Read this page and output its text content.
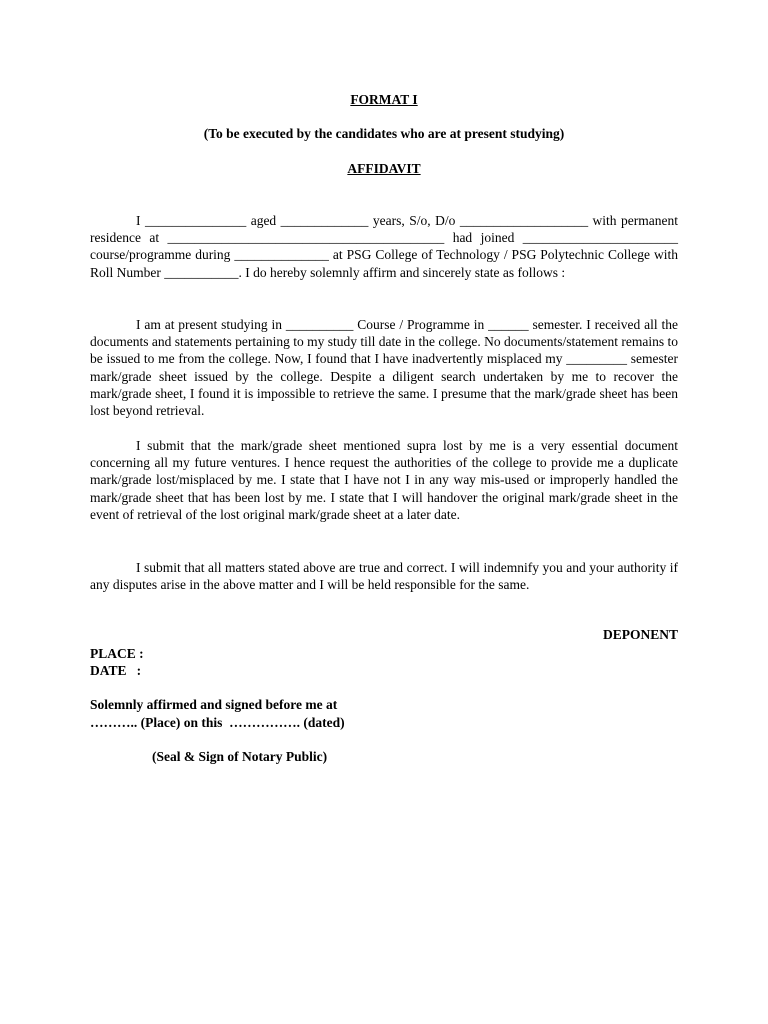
FORMAT I
(To be executed by the candidates who are at present studying)
AFFIDAVIT
I _______________ aged _____________ years, S/o, D/o ___________________ with permanent residence at _________________________________________ had joined _______________________ course/programme during ______________ at PSG College of Technology / PSG Polytechnic College with Roll Number ___________. I do hereby solemnly affirm and sincerely state as follows :
I am at present studying in __________ Course / Programme in ______ semester. I received all the documents and statements pertaining to my study till date in the college. No documents/statement remains to be issued to me from the college. Now, I found that I have inadvertently misplaced my _________ semester mark/grade sheet issued by the college. Despite a diligent search undertaken by me to recover the mark/grade sheet, I found it is impossible to retrieve the same. I presume that the mark/grade sheet has been lost beyond retrieval.
I submit that the mark/grade sheet mentioned supra lost by me is a very essential document concerning all my future ventures. I hence request the authorities of the college to provide me a duplicate mark/grade lost/misplaced by me. I state that I have not I in any way mis-used or improperly handled the mark/grade sheet that has been lost by me. I state that I will handover the original mark/grade sheet in the event of retrieval of the lost original mark/grade sheet at a later date.
I submit that all matters stated above are true and correct. I will indemnify you and your authority if any disputes arise in the above matter and I will be held responsible for the same.
DEPONENT
PLACE :
DATE   :
Solemnly affirmed and signed before me at
……….. (Place) on this  ……………. (dated)
(Seal & Sign of Notary Public)
